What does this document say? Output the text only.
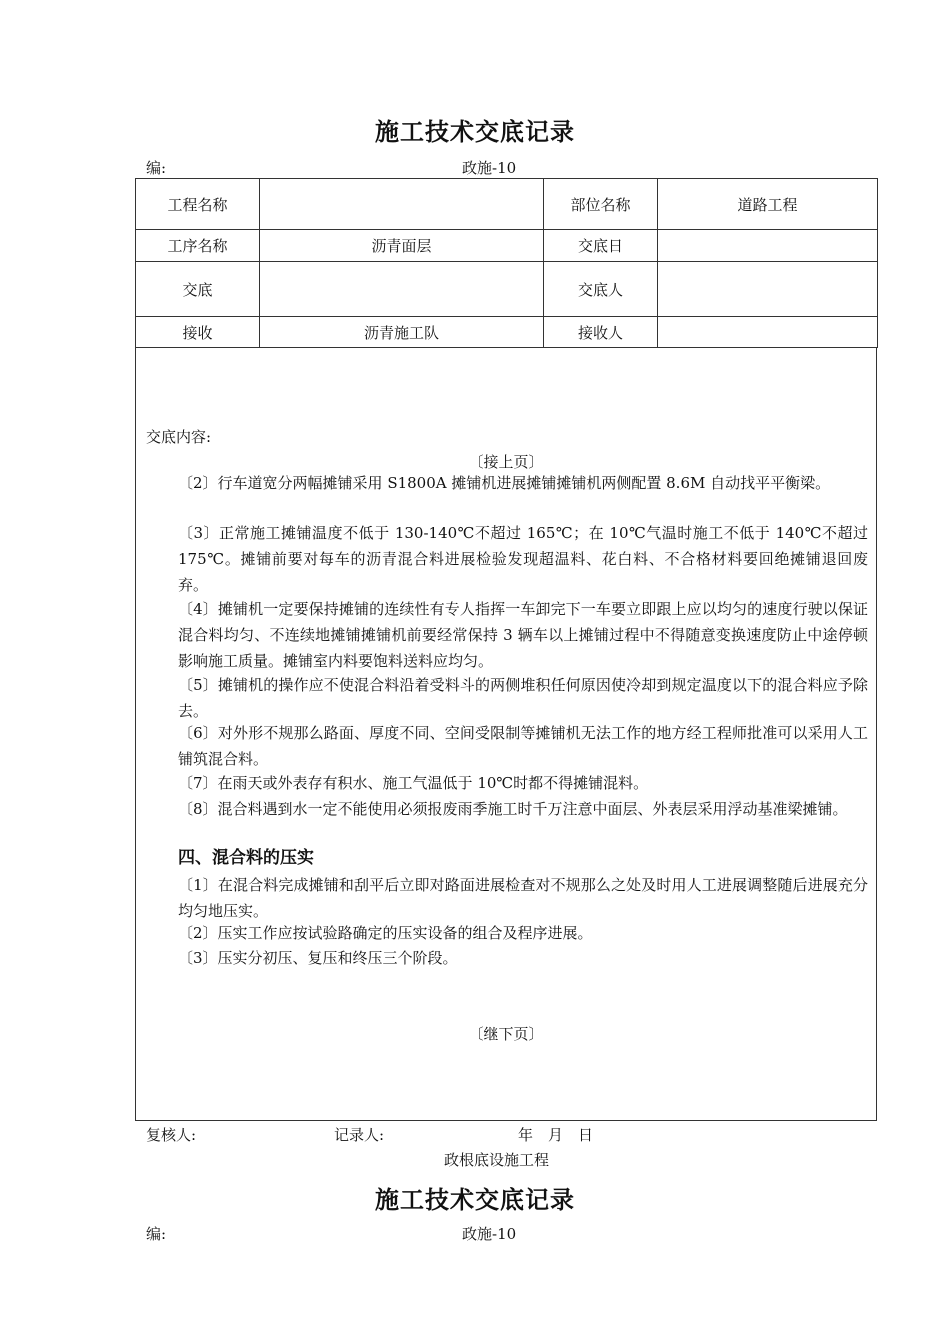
施工技术交底记录
编:	政施-10
工程名称		部位名称	道路工程
工序名称	沥青面层	交底日	
交底		交底人	
接收	沥青施工队	接收人	
交底内容:
〔接上页〕
〔2〕行车道宽分两幅摊铺采用 S1800A 摊铺机进展摊铺摊铺机两侧配置 8.6M 自动找平平衡梁。
〔3〕正常施工摊铺温度不低于 130-140℃不超过 165℃；在 10℃气温时施工不低于 140℃不超过 175℃。摊铺前要对每车的沥青混合料进展检验发现超温料、花白料、不合格材料要回绝摊铺退回废弃。
〔4〕摊铺机一定要保持摊铺的连续性有专人指挥一车卸完下一车要立即跟上应以均匀的速度行驶以保证混合料均匀、不连续地摊铺摊铺机前要经常保持 3 辆车以上摊铺过程中不得随意变换速度防止中途停顿影响施工质量。摊铺室内料要饱料送料应均匀。
〔5〕摊铺机的操作应不使混合料沿着受料斗的两侧堆积任何原因使冷却到规定温度以下的混合料应予除去。
〔6〕对外形不规那么路面、厚度不同、空间受限制等摊铺机无法工作的地方经工程师批准可以采用人工铺筑混合料。
〔7〕在雨天或外表存有积水、施工气温低于 10℃时都不得摊铺混料。
〔8〕混合料遇到水一定不能使用必须报废雨季施工时千万注意中面层、外表层采用浮动基准梁摊铺。
四、混合料的压实
〔1〕在混合料完成摊铺和刮平后立即对路面进展检查对不规那么之处及时用人工进展调整随后进展充分均匀地压实。
〔2〕压实工作应按试验路确定的压实设备的组合及程序进展。
〔3〕压实分初压、复压和终压三个阶段。
〔继下页〕
复核人:	记录人:	年　月　日
政根底设施工程
施工技术交底记录
编:	政施-10
